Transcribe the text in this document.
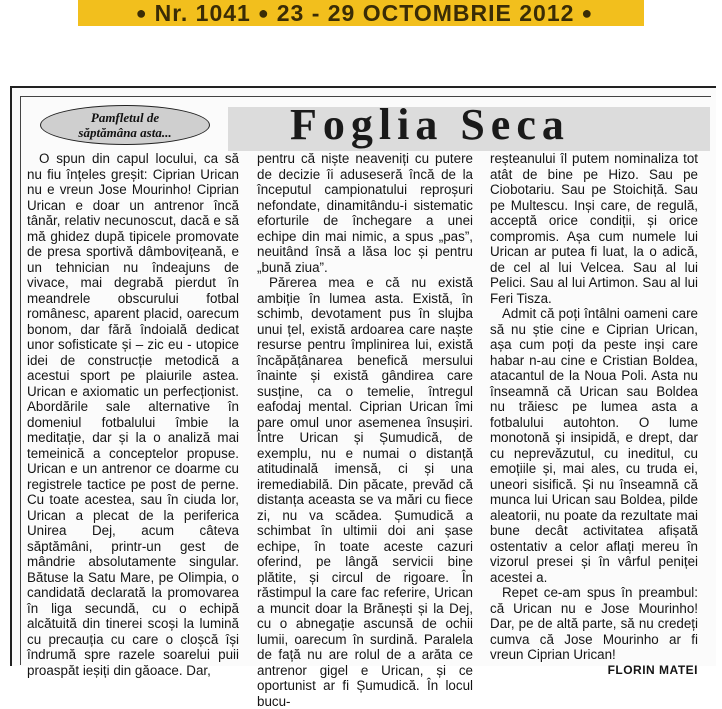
● Nr. 1041 ● 23 - 29 OCTOMBRIE 2012 ●
Pamfletul de
săptămâna asta...	Foglia Seca

O spun din capul locului, ca să nu fiu înțeles greșit: Ciprian Urican nu e vreun Jose Mourinho! Ciprian Urican e doar un antrenor încă tânăr, relativ necunoscut, dacă e să mă ghidez după tipicele promovate de presa sportivă dâmbovițeană, e un tehnician nu îndeajuns de vivace, mai degrabă pierdut în meandrele obscurului fotbal românesc, aparent placid, oarecum bonom, dar fără îndoială dedicat unor sofisticate și – zic eu - utopice idei de construcție metodică a acestui sport pe plaiurile astea. Urican e axiomatic un perfecționist. Abordările sale alternative în domeniul fotbalului îmbie la meditație, dar și la o analiză mai temeinică a conceptelor propuse. Urican e un antrenor ce doarme cu registrele tactice pe post de perne. Cu toate acestea, sau în ciuda lor, Urican a plecat de la periferica Unirea Dej, acum câteva săptămâni, printr-un gest de mândrie absolutamente singular. Bătuse la Satu Mare, pe Olimpia, o candidată declarată la promovarea în liga secundă, cu o echipă alcătuită din tinerei scoși la lumină cu precauția cu care o cloșcă își îndrumă spre razele soarelui puii proaspăt ieșiți din găoace. Dar,

pentru că niște neaveniți cu putere de decizie îi aduseseră încă de la începutul campionatului reproșuri nefondate, dinamitându-i sistematic eforturile de închegare a unei echipe din mai nimic, a spus „pas”, neuitând însă a lăsa loc și pentru „bună ziua”.

Părerea mea e că nu există ambiție în lumea asta. Există, în schimb, devotament pus în slujba unui țel, există ardoarea care naște resurse pentru împlinirea lui, există încăpățânarea benefică mersului înainte și există gândirea care susține, ca o temelie, întregul eafodaj mental. Ciprian Urican îmi pare omul unor asemenea însușiri. Între Urican și Șumudică, de exemplu, nu e numai o distanță atitudinală imensă, ci și una iremediabilă. Din păcate, prevăd că distanța aceasta se va mări cu fiece zi, nu va scădea. Șumudică a schimbat în ultimii doi ani șase echipe, în toate aceste cazuri oferind, pe lângă servicii bine plătite, și circul de rigoare. În răstimpul la care fac referire, Urican a muncit doar la Brănești și la Dej, cu o abnegație ascunsă de ochii lumii, oarecum în surdină. Paralela de față nu are rolul de a arăta ce antrenor gigel e Urican, și ce oportunist ar fi Șumudică. În locul bucu-

reșteanului îl putem nominaliza tot atât de bine pe Hizo. Sau pe Ciobotariu. Sau pe Stoichiță. Sau pe Multescu. Inși care, de regulă, acceptă orice condiții, și orice compromis. Așa cum numele lui Urican ar putea fi luat, la o adică, de cel al lui Velcea. Sau al lui Pelici. Sau al lui Artimon. Sau al lui Feri Tisza.

Admit că poți întâlni oameni care să nu știe cine e Ciprian Urican, așa cum poți da peste inși care habar n-au cine e Cristian Boldea, atacantul de la Noua Poli. Asta nu înseamnă că Urican sau Boldea nu trăiesc pe lumea asta a fotbalului autohton. O lume monotonă și insipidă, e drept, dar cu neprevăzutul, cu ineditul, cu emoțiile și, mai ales, cu truda ei, uneori sisifică. Și nu înseamnă că munca lui Urican sau Boldea, pilde aleatorii, nu poate da rezultate mai bune decât activitatea afișată ostentativ a celor aflați mereu în vizorul presei și în vârful peniței acestei a.

Repet ce-am spus în preambul: că Urican nu e Jose Mourinho! Dar, pe de altă parte, să nu credeți cumva că Jose Mourinho ar fi vreun Ciprian Urican!

FLORIN MATEI
